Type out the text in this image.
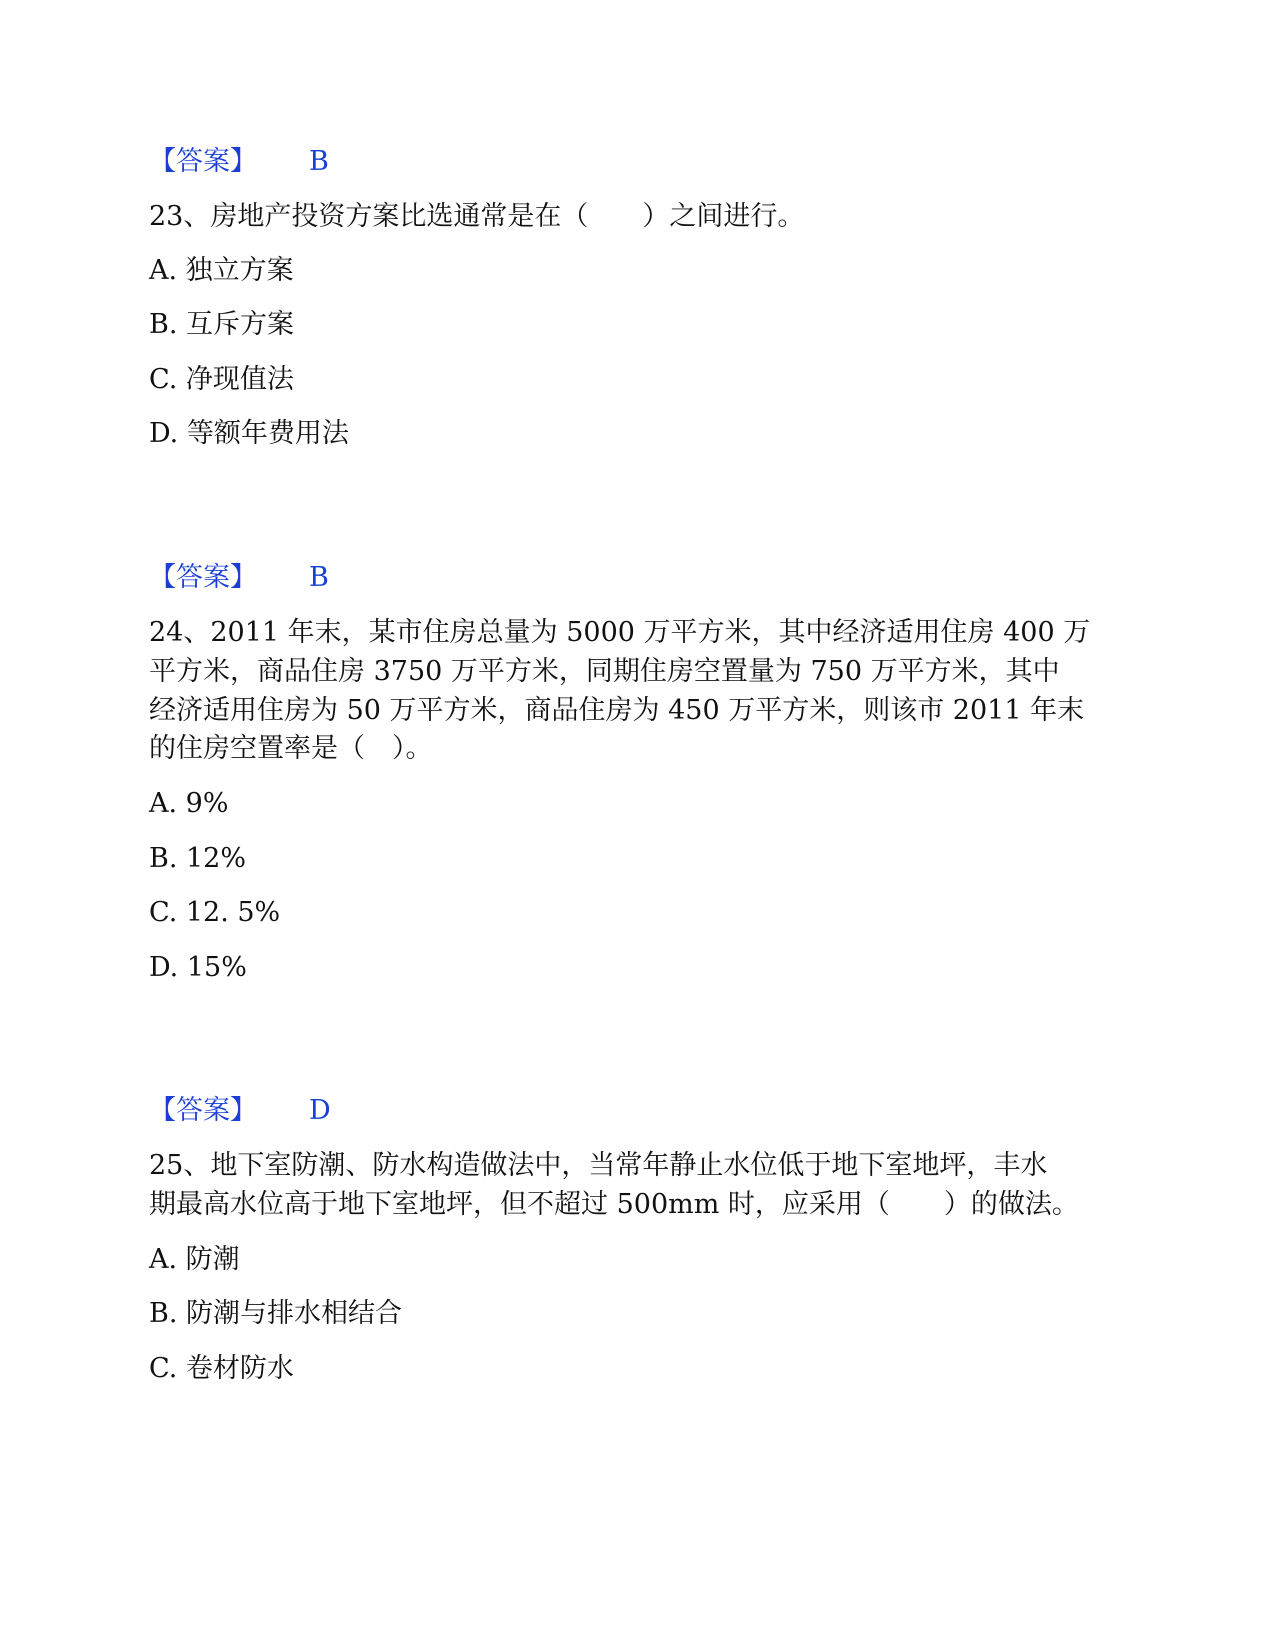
【答案】 B
23、房地产投资方案比选通常是在（　　）之间进行。
A. 独立方案
B. 互斥方案
C. 净现值法
D. 等额年费用法
【答案】 B
24、2011 年末，某市住房总量为 5000 万平方米，其中经济适用住房 400 万
平方米，商品住房 3750 万平方米，同期住房空置量为 750 万平方米，其中
经济适用住房为 50 万平方米，商品住房为 450 万平方米，则该市 2011 年末
的住房空置率是（　）。
A. 9%
B. 12%
C. 12. 5%
D. 15%
【答案】 D
25、地下室防潮、防水构造做法中，当常年静止水位低于地下室地坪，丰水
期最高水位高于地下室地坪，但不超过 500mm 时，应采用（　　）的做法。
A. 防潮
B. 防潮与排水相结合
C. 卷材防水
